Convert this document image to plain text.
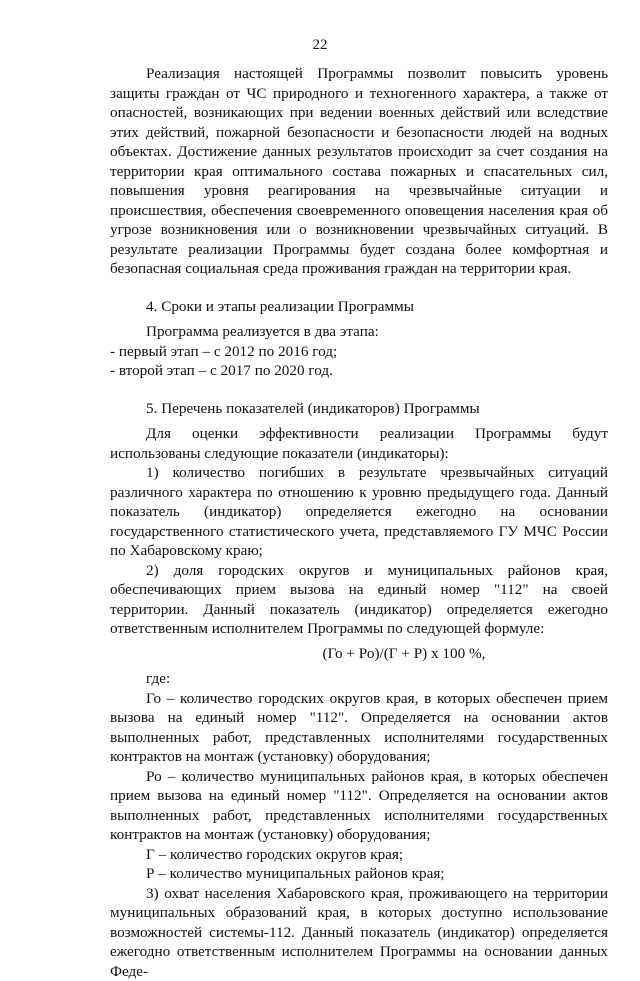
22

Реализация настоящей Программы позволит повысить уровень защиты граждан от ЧС природного и техногенного характера, а также от опасностей, возникающих при ведении военных действий или вследствие этих действий, пожарной безопасности и безопасности людей на водных объектах. Достижение данных результатов происходит за счет создания на территории края оптимального состава пожарных и спасательных сил, повышения уровня реагирования на чрезвычайные ситуации и происшествия, обеспечения своевременного оповещения населения края об угрозе возникновения или о возникновении чрезвычайных ситуаций. В результате реализации Программы будет создана более комфортная и безопасная социальная среда проживания граждан на территории края.

4. Сроки и этапы реализации Программы

Программа реализуется в два этапа:

- первый этап – с 2012 по 2016 год;

- второй этап – с 2017 по 2020 год.

5. Перечень показателей (индикаторов) Программы

Для оценки эффективности реализации Программы будут использованы следующие показатели (индикаторы):

1) количество погибших в результате чрезвычайных ситуаций различного характера по отношению к уровню предыдущего года. Данный показатель (индикатор) определяется ежегодно на основании государственного статистического учета, представляемого ГУ МЧС России по Хабаровскому краю;

2) доля городских округов и муниципальных районов края, обеспечивающих прием вызова на единый номер "112" на своей территории. Данный показатель (индикатор) определяется ежегодно ответственным исполнителем Программы по следующей формуле:

(Го + Ро)/(Г + Р) х 100 %,

где:

Го – количество городских округов края, в которых обеспечен прием вызова на единый номер "112". Определяется на основании актов выполненных работ, представленных исполнителями государственных контрактов на монтаж (установку) оборудования;

Ро – количество муниципальных районов края, в которых обеспечен прием вызова на единый номер "112". Определяется на основании актов выполненных работ, представленных исполнителями государственных контрактов на монтаж (установку) оборудования;

Г – количество городских округов края;

Р – количество муниципальных районов края;

3) охват населения Хабаровского края, проживающего на территории муниципальных образований края, в которых доступно использование возможностей системы-112. Данный показатель (индикатор) определяется ежегодно ответственным исполнителем Программы на основании данных Феде-
